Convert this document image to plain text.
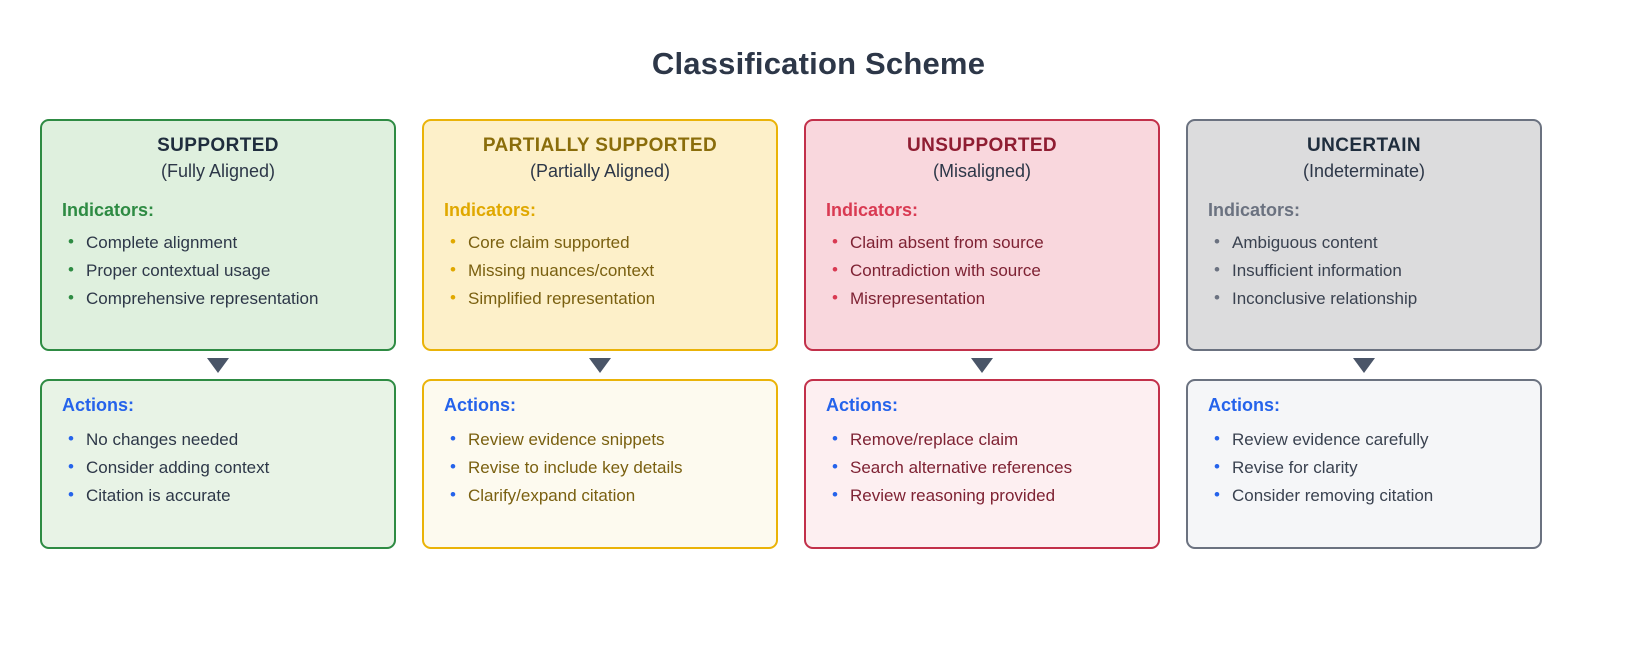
Classification Scheme
SUPPORTED
(Fully Aligned)
Indicators:
• Complete alignment
• Proper contextual usage
• Comprehensive representation
Actions:
• No changes needed
• Consider adding context
• Citation is accurate
PARTIALLY SUPPORTED
(Partially Aligned)
Indicators:
• Core claim supported
• Missing nuances/context
• Simplified representation
Actions:
• Review evidence snippets
• Revise to include key details
• Clarify/expand citation
UNSUPPORTED
(Misaligned)
Indicators:
• Claim absent from source
• Contradiction with source
• Misrepresentation
Actions:
• Remove/replace claim
• Search alternative references
• Review reasoning provided
UNCERTAIN
(Indeterminate)
Indicators:
• Ambiguous content
• Insufficient information
• Inconclusive relationship
Actions:
• Review evidence carefully
• Revise for clarity
• Consider removing citation
